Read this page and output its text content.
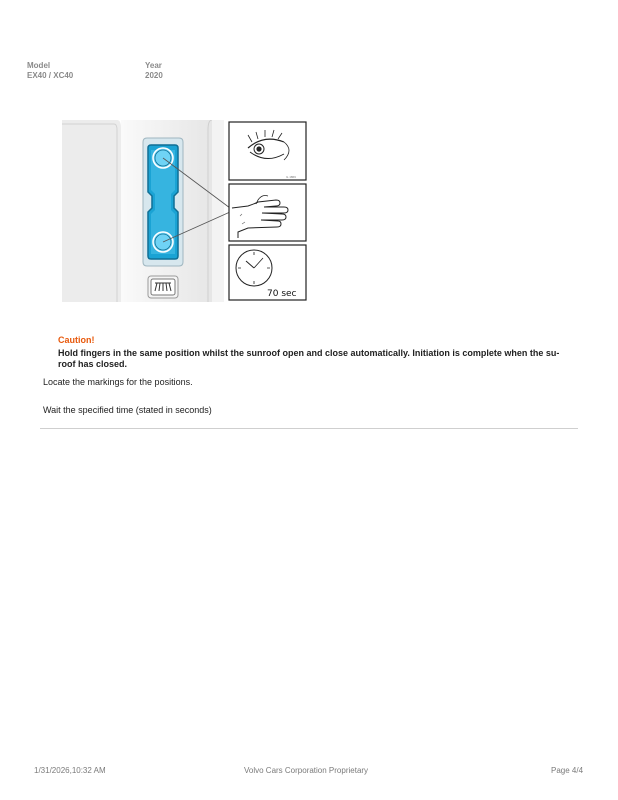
Model
EX40 / XC40
Year
2020
IL 1866
70 sec
Caution!
Hold fingers in the same position whilst the sunroof open and close automatically. Initiation is complete when the su-roof has closed.
Locate the markings for the positions.
Wait the specified time (stated in seconds)
1/31/2026,10:32 AM	Volvo Cars Corporation Proprietary	Page 4/4
